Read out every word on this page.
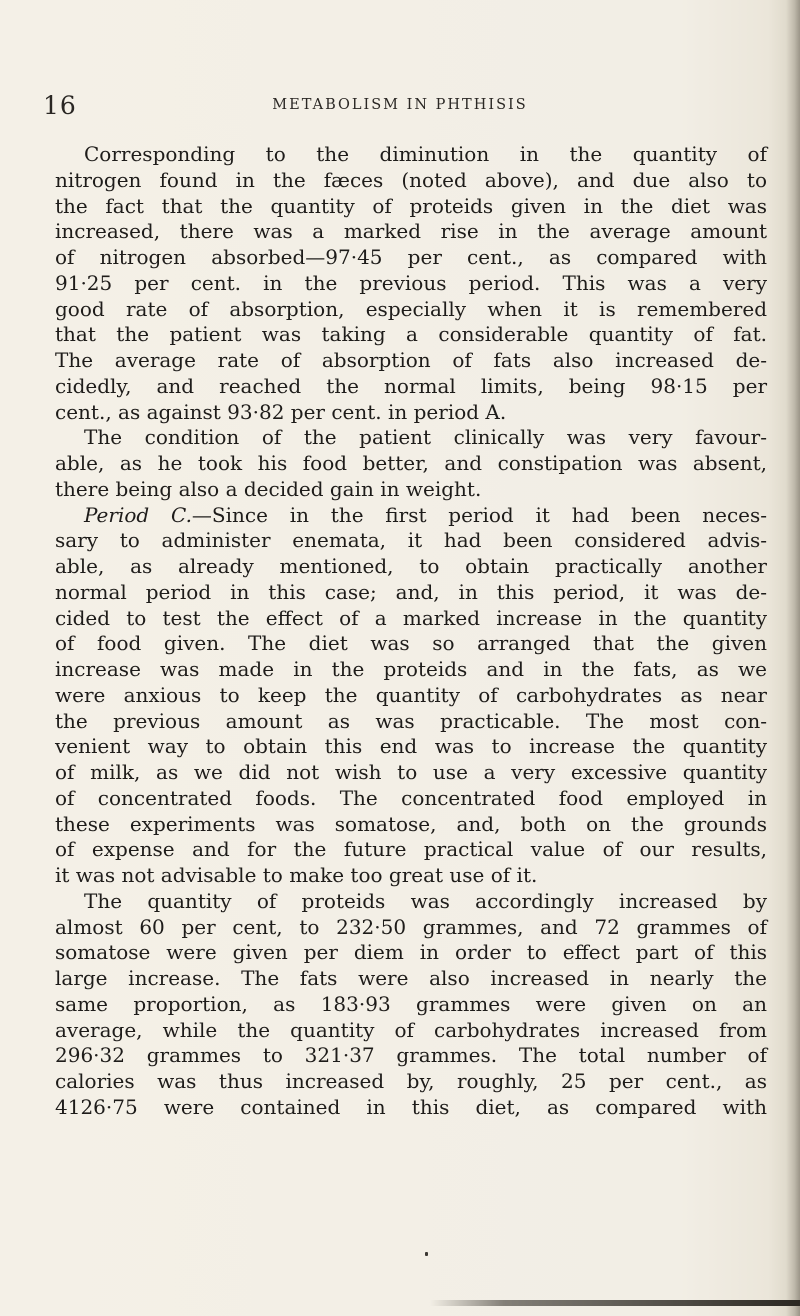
16	METABOLISM IN PHTHISIS
Corresponding to the diminution in the quantity of
nitrogen found in the fæces (noted above), and due also to
the fact that the quantity of proteids given in the diet was
increased, there was a marked rise in the average amount
of nitrogen absorbed—97·45 per cent., as compared with
91·25 per cent. in the previous period. This was a very
good rate of absorption, especially when it is remembered
that the patient was taking a considerable quantity of fat.
The average rate of absorption of fats also increased de-
cidedly, and reached the normal limits, being 98·15 per
cent., as against 93·82 per cent. in period A.
The condition of the patient clinically was very favour-
able, as he took his food better, and constipation was absent,
there being also a decided gain in weight.
Period C.—Since in the first period it had been neces-
sary to administer enemata, it had been considered advis-
able, as already mentioned, to obtain practically another
normal period in this case; and, in this period, it was de-
cided to test the effect of a marked increase in the quantity
of food given. The diet was so arranged that the given
increase was made in the proteids and in the fats, as we
were anxious to keep the quantity of carbohydrates as near
the previous amount as was practicable. The most con-
venient way to obtain this end was to increase the quantity
of milk, as we did not wish to use a very excessive quantity
of concentrated foods. The concentrated food employed in
these experiments was somatose, and, both on the grounds
of expense and for the future practical value of our results,
it was not advisable to make too great use of it.
The quantity of proteids was accordingly increased by
almost 60 per cent, to 232·50 grammes, and 72 grammes of
somatose were given per diem in order to effect part of this
large increase. The fats were also increased in nearly the
same proportion, as 183·93 grammes were given on an
average, while the quantity of carbohydrates increased from
296·32 grammes to 321·37 grammes. The total number of
calories was thus increased by, roughly, 25 per cent., as
4126·75 were contained in this diet, as compared with
